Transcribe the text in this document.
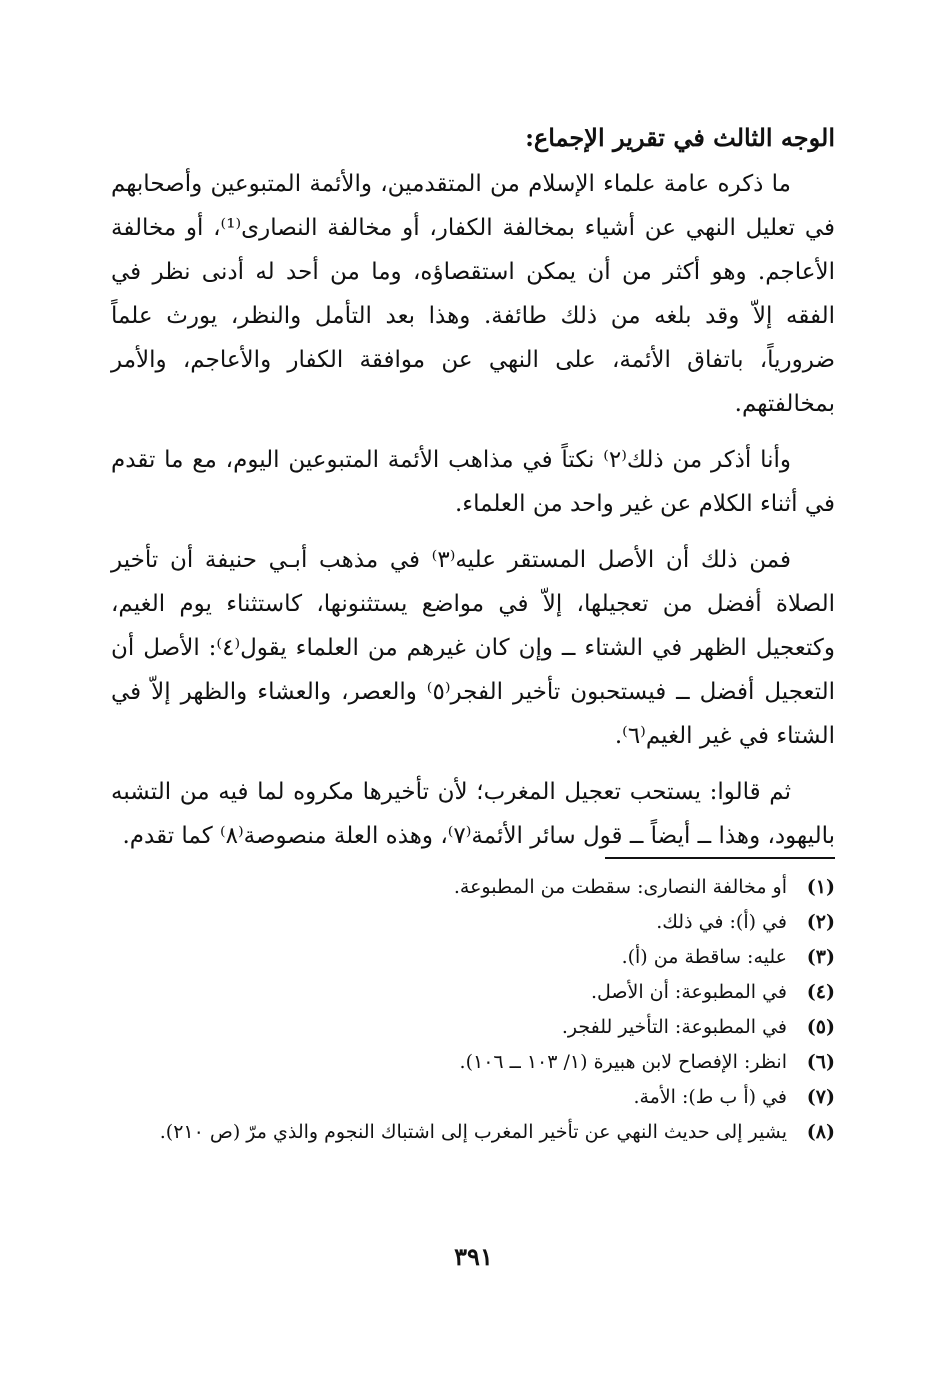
الوجه الثالث في تقرير الإجماع:

ما ذكره عامة علماء الإسلام من المتقدمين، والأئمة المتبوعين وأصحابهم في تعليل النهي عن أشياء بمخالفة الكفار، أو مخالفة النصارى⁽¹⁾، أو مخالفة الأعاجم. وهو أكثر من أن يمكن استقصاؤه، وما من أحد له أدنى نظر في الفقه إلاّ وقد بلغه من ذلك طائفة. وهذا بعد التأمل والنظر، يورث علماً ضرورياً، باتفاق الأئمة، على النهي عن موافقة الكفار والأعاجم، والأمر بمخالفتهم.

وأنا أذكر من ذلك⁽٢⁾ نكتاً في مذاهب الأئمة المتبوعين اليوم، مع ما تقدم في أثناء الكلام عن غير واحد من العلماء.

فمن ذلك أن الأصل المستقر عليه⁽٣⁾ في مذهب أبـي حنيفة أن تأخير الصلاة أفضل من تعجيلها، إلاّ في مواضع يستثنونها، كاستثناء يوم الغيم، وكتعجيل الظهر في الشتاء ــ وإن كان غيرهم من العلماء يقول⁽٤⁾: الأصل أن التعجيل أفضل ــ فيستحبون تأخير الفجر⁽٥⁾ والعصر، والعشاء والظهر إلاّ في الشتاء في غير الغيم⁽٦⁾.

ثم قالوا: يستحب تعجيل المغرب؛ لأن تأخيرها مكروه لما فيه من التشبه باليهود، وهذا ــ أيضاً ــ قول سائر الأئمة⁽٧⁾، وهذه العلة منصوصة⁽٨⁾ كما تقدم.

(١)
أو مخالفة النصارى: سقطت من المطبوعة.
(٢)
في (أ): في ذلك.
(٣)
عليه: ساقطة من (أ).
(٤)
في المطبوعة: أن الأصل.
(٥)
في المطبوعة: التأخير للفجر.
(٦)
انظر: الإفصاح لابن هبيرة (١/ ١٠٣ ــ ١٠٦).
(٧)
في (أ ب ط): الأمة.
(٨)
يشير إلى حديث النهي عن تأخير المغرب إلى اشتباك النجوم والذي مرّ (ص ٢١٠).
٣٩١
